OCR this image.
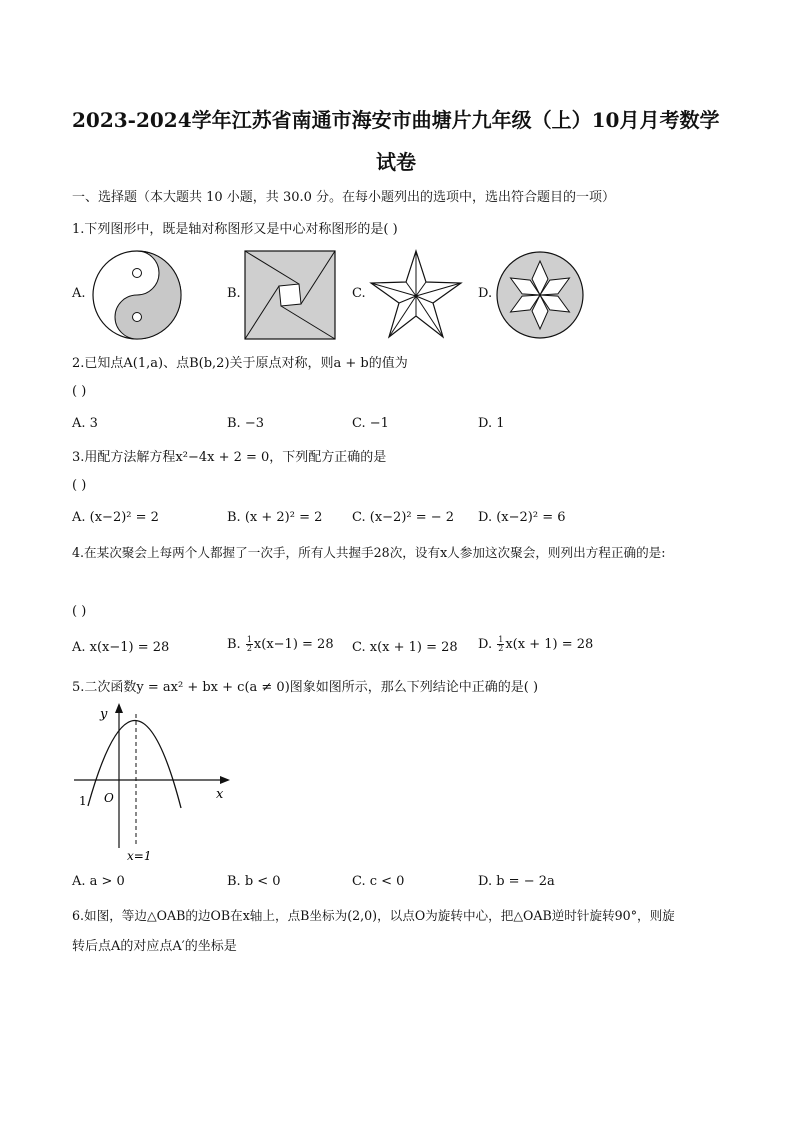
2023-2024学年江苏省南通市海安市曲塘片九年级（上）10月月考数学
试卷
一、选择题（本大题共 10 小题，共 30.0 分。在每小题列出的选项中，选出符合题目的一项）
1.下列图形中，既是轴对称图形又是中心对称图形的是( )
A.	B.	C.	D.
2.已知点A(1,a)、点B(b,2)关于原点对称，则a + b的值为
( )
A. 3	B. −3	C. −1	D. 1
3.用配方法解方程x²−4x + 2 = 0，下列配方正确的是
( )
A. (x−2)² = 2	B. (x + 2)² = 2 C. (x−2)² = − 2 D. (x−2)² = 6
4.在某次聚会上每两个人都握了一次手，所有人共握手28次，设有x人参加这次聚会，则列出方程正确的是:
( )
A. x(x−1) = 28	B. $\frac{1}{2} x(x-1) = 28$ C. x(x + 1) = 28 D. $\frac{1}{2} x(x + 1) = 28$
5.二次函数y = ax² + bx + c(a ≠ 0)图象如图所示，那么下列结论中正确的是( )
y
x
O
1
x=1
A. a > 0	B. b < 0	C. c < 0	D. b = − 2a
6.如图，等边△OAB的边OB在x轴上，点B坐标为(2,0)，以点O为旋转中心，把△OAB逆时针旋转90°，则旋
转后点A的对应点A′的坐标是
